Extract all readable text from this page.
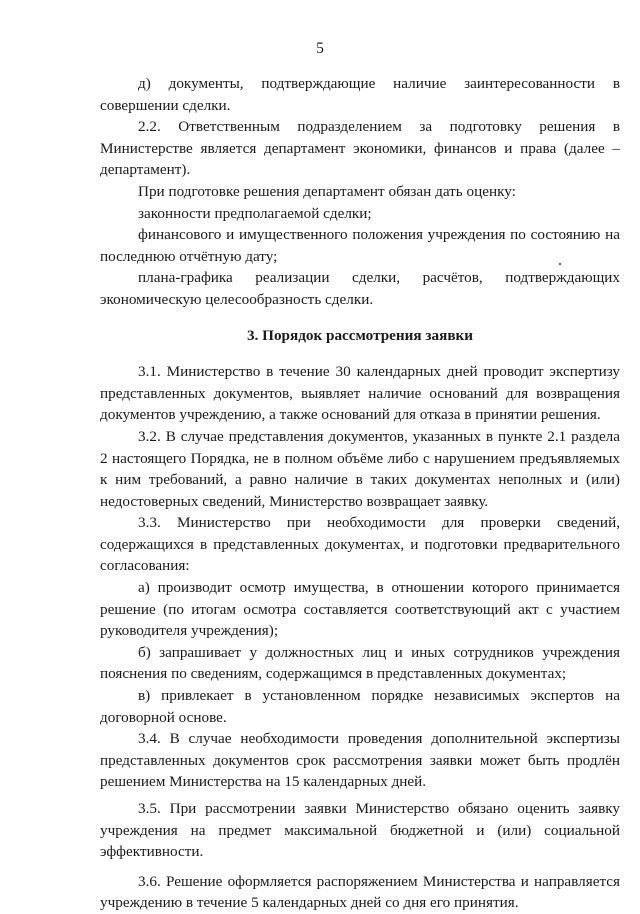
5

д) документы, подтверждающие наличие заинтересованности в совершении сделки.

2.2. Ответственным подразделением за подготовку решения в Министерстве является департамент экономики, финансов и права (далее – департамент).

При подготовке решения департамент обязан дать оценку:

законности предполагаемой сделки;

финансового и имущественного положения учреждения по состоянию на последнюю отчётную дату;

плана-графика реализации сделки, расчётов, подтверждающих экономическую целесообразность сделки.

3. Порядок рассмотрения заявки

3.1. Министерство в течение 30 календарных дней проводит экспертизу представленных документов, выявляет наличие оснований для возвращения документов учреждению, а также оснований для отказа в принятии решения.

3.2. В случае представления документов, указанных в пункте 2.1 раздела 2 настоящего Порядка, не в полном объёме либо с нарушением предъявляемых к ним требований, а равно наличие в таких документах неполных и (или) недостоверных сведений, Министерство возвращает заявку.

3.3. Министерство при необходимости для проверки сведений, содержащихся в представленных документах, и подготовки предварительного согласования:

а) производит осмотр имущества, в отношении которого принимается решение (по итогам осмотра составляется соответствующий акт с участием руководителя учреждения);

б) запрашивает у должностных лиц и иных сотрудников учреждения пояснения по сведениям, содержащимся в представленных документах;

в) привлекает в установленном порядке независимых экспертов на договорной основе.

3.4. В случае необходимости проведения дополнительной экспертизы представленных документов срок рассмотрения заявки может быть продлён решением Министерства на 15 календарных дней.

3.5. При рассмотрении заявки Министерство обязано оценить заявку учреждения на предмет максимальной бюджетной и (или) социальной эффективности.

3.6. Решение оформляется распоряжением Министерства и направляется учреждению в течение 5 календарных дней со дня его принятия.
